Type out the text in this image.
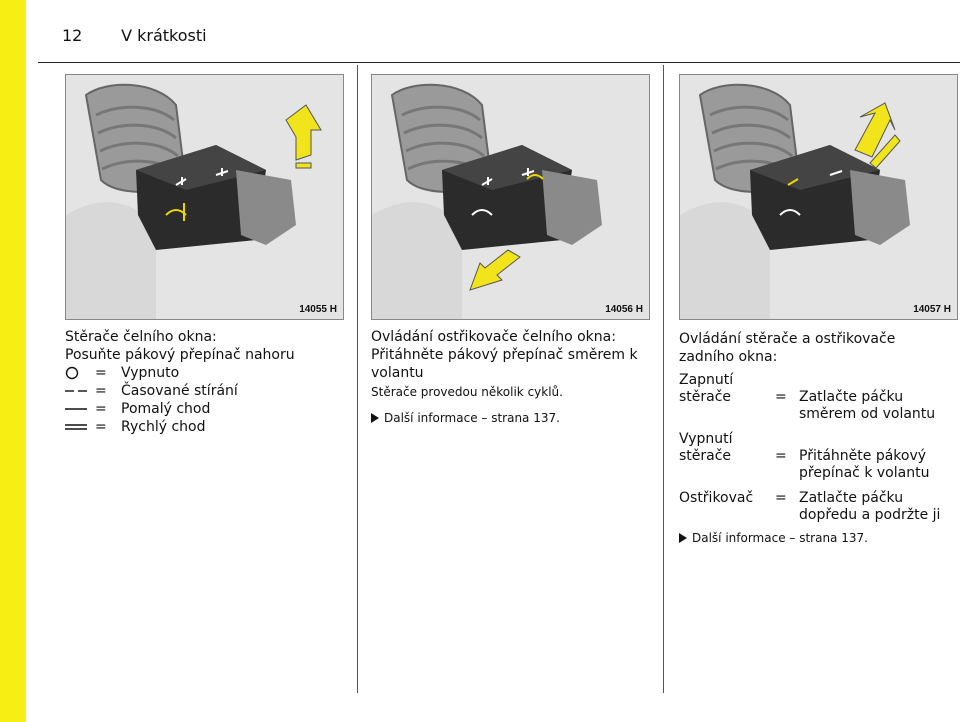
12 V krátkosti
14055 H	14056 H	14057 H
Stěrače čelního okna:
Posuňte pákový přepínač nahoru
=	Vypnuto
=	Časované stírání
=	Pomalý chod
=	Rychlý chod
Ovládání ostřikovače čelního okna:
Přitáhněte pákový přepínač směrem k volantu
Stěrače provedou několik cyklů.
Další informace – strana 137.
Ovládání stěrače a ostřikovače zadního okna:
Zapnutí stěrače	= Zatlačte páčku směrem od volantu
Vypnutí stěrače	= Přitáhněte pákový přepínač k volantu
Ostřikovač	= Zatlačte páčku dopředu a podržte ji
Další informace – strana 137.
